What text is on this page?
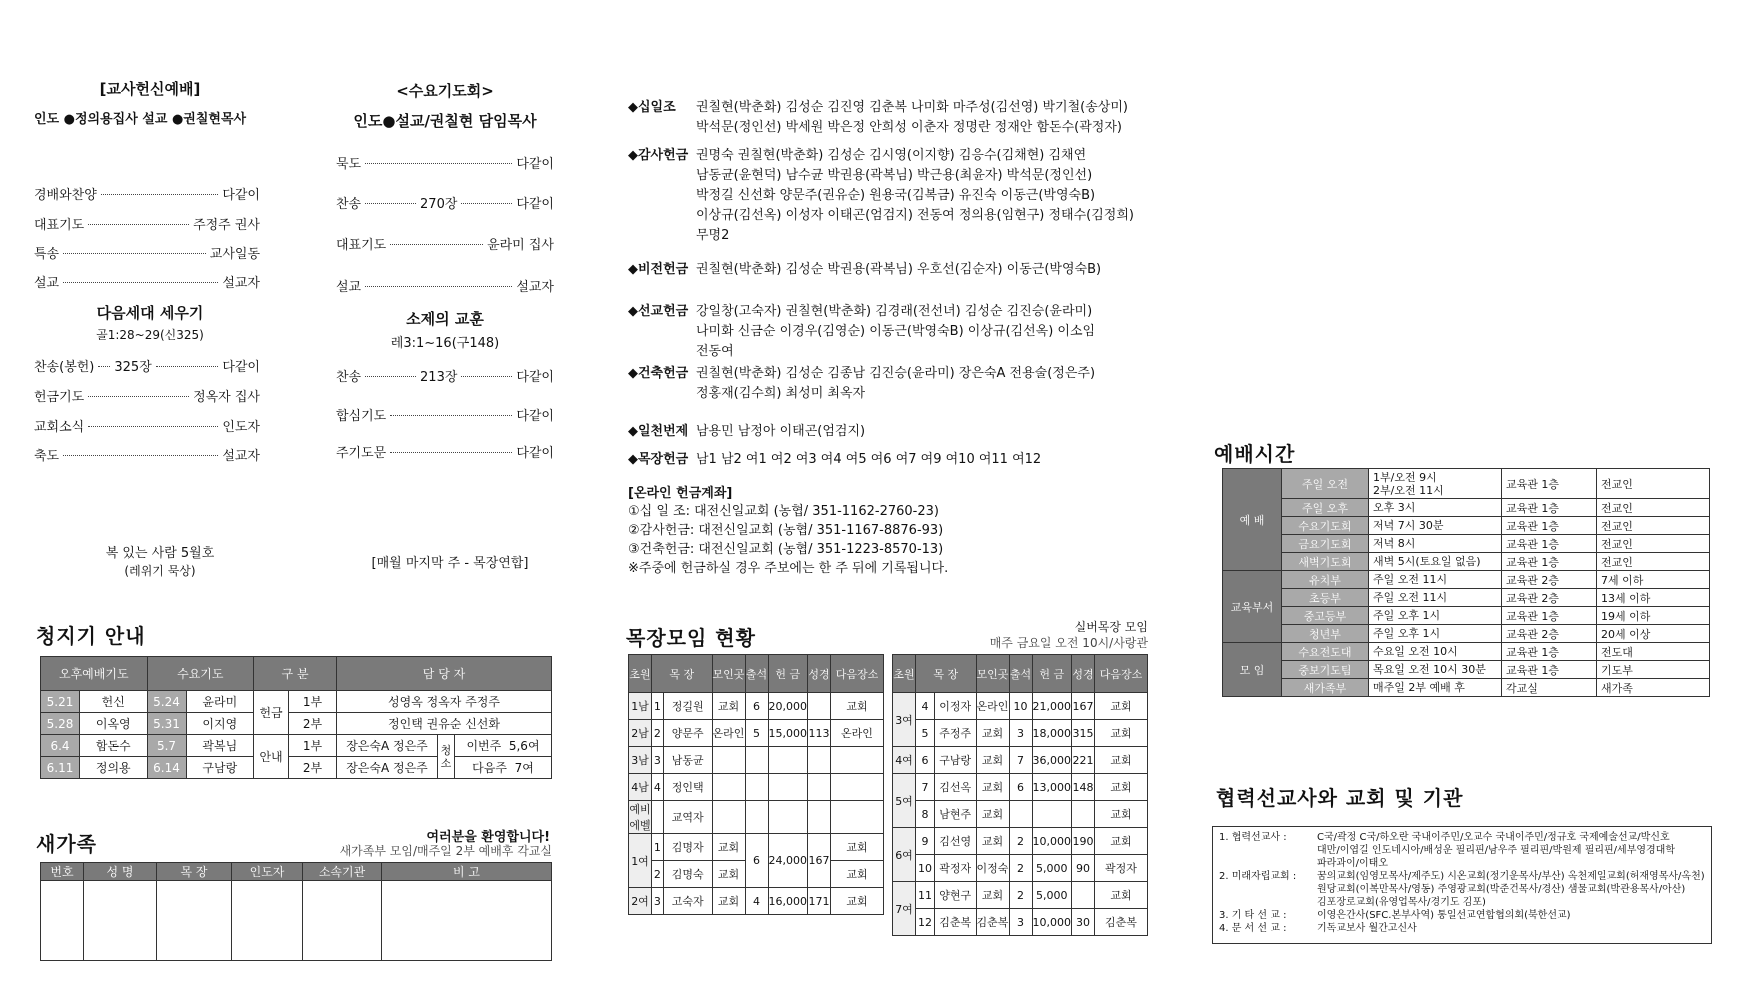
[교사헌신예배]
인도 ●정의용집사 설교 ●권칠현목사
경배와찬양	다같이
대표기도	주정주 권사
특송	교사일동
설교	설교자
다음세대 세우기
골1:28~29(신325)
찬송(봉헌) 325장	다같이
헌금기도	정옥자 집사
교회소식	인도자
축도	설교자
복 있는 사람 5월호
(레위기 묵상)
<수요기도회>
인도●설교/권칠현 담임목사
묵도	다같이
찬송	270장	다같이
대표기도	윤라미 집사
설교	설교자
소제의 교훈
레3:1~16(구148)
찬송	213장	다같이
합심기도	다같이
주기도문	다같이
[매월 마지막 주 - 목장연합]
◆십일조	권칠현(박춘화) 김성순 김진영 김춘복 나미화 마주성(김선영) 박기철(송상미)
박석문(정인선) 박세원 박은정 안희성 이춘자 정명란 정재안 함돈수(곽정자)
◆감사헌금 권명숙 권칠현(박춘화) 김성순 김시영(이지향) 김응수(김채현) 김채연
남동균(윤현덕) 남수균 박권용(곽복님) 박근용(최윤자) 박석문(정인선)
박정길 신선화 양문주(권유순) 원용국(김복금) 유진숙 이동근(박영숙B)
이상규(김선옥) 이성자 이태곤(엄검지) 전동여 정의용(임현구) 정태수(김정희)
무명2
◆비전헌금 권칠현(박춘화) 김성순 박권용(곽복님) 우호선(김순자) 이동근(박영숙B)
◆선교헌금 강일창(고숙자) 권칠현(박춘화) 김경래(전선녀) 김성순 김진승(윤라미)
나미화 신금순 이경우(김영순) 이동근(박영숙B) 이상규(김선옥) 이소임
전동여
◆건축헌금 권칠현(박춘화) 김성순 김종남 김진승(윤라미) 장은숙A 전용술(정은주)
정홍재(김수희) 최성미 최옥자
◆일천번제 남용민 남정아 이태곤(엄검지)
◆목장헌금 남1 남2 여1 여2 여3 여4 여5 여6 여7 여9 여10 여11 여12
[온라인 헌금계좌]
①십 일 조: 대전신일교회 (농협/ 351-1162-2760-23)
②감사헌금: 대전신일교회 (농협/ 351-1167-8876-93)
③건축헌금: 대전신일교회 (농협/ 351-1223-8570-13)
※주중에 헌금하실 경우 주보에는 한 주 뒤에 기록됩니다.
청지기 안내
오후예배기도		수요기도		구 분		담 당 자		
5.21	헌신	5.24	윤라미	헌금	1부	성영옥 정옥자 주정주		
5.28	이옥영	5.31	이지영		2부	정인택 권유순 신선화		
6.4	함돈수	5.7	곽복님	안내	1부	장은숙A 정은주	청소	이번주 5,6여
6.11	정의용	6.14	구남랑		2부	장은숙A 정은주		다음주 7여
새가족	여러분을 환영합니다!
새가족부 모임/매주일 2부 예배후 각교실
번호	성 명	목 장	인도자	소속기관	비 고

목장모임 현황	실버목장 모임
매주 금요일 오전 10시/사랑관
초원	목 장		모인곳	출석	헌 금	성경	다음장소
1남	1	정길원	교회	6	20,000		교회
2남	2	양문주	온라인	5	15,000	113	온라인
3남	3	남동균					
4남	4	정인택					
예비에벨		교역자					
1여	1	김명자	교회	6	24,000	167	교회
	2	김명숙	교회				교회
2여	3	고숙자	교회	4	16,000	171	교회
초원	목 장		모인곳	출석	헌 금	성경	다음장소
3여	4	이정자	온라인	10	21,000	167	교회
	5	주정주	교회	3	18,000	315	교회
4여	6	구남랑	교회	7	36,000	221	교회
5여	7	김선옥	교회	6	13,000	148	교회
	8	남현주	교회				교회
6여	9	김선영	교회	2	10,000	190	교회
	10	곽정자	이정숙	2	5,000	90	곽정자
7여	11	양현구	교회	2	5,000		교회
	12	김춘복	김춘복	3	10,000	30	김춘복
예배시간
예 배	주일 오전	1부/오전 9시
2부/오전 11시	교육관 1층	전교인
	주일 오후	오후 3시	교육관 1층	전교인
	수요기도회	저녁 7시 30분	교육관 1층	전교인
	금요기도회	저녁 8시	교육관 1층	전교인
	새벽기도회	새벽 5시(토요일 없음)	교육관 1층	전교인
교육부서	유치부	주일 오전 11시	교육관 2층	7세 이하
	초등부	주일 오전 11시	교육관 2층	13세 이하
	중고등부	주일 오후 1시	교육관 1층	19세 이하
	청년부	주일 오후 1시	교육관 2층	20세 이상
모 임	수요전도대	수요일 오전 10시	교육관 1층	전도대
	중보기도팀	목요일 오전 10시 30분	교육관 1층	기도부
	새가족부	매주일 2부 예배 후	각교실	새가족
협력선교사와 교회 및 기관
1. 협력선교사 :	C국/곽정 C국/하오란 국내이주민/오교수 국내이주민/정규호 국제예술선교/박신호
대만/이엽길 인도네시아/배성운 필리핀/남우주 필리핀/박원제 필리핀/세부영경대학
파라과이/이태오
2. 미래자립교회 :	꿈의교회(임영모목사/제주도) 시온교회(정기운목사/부산) 옥천제일교회(허재영목사/옥천)
원당교회(이복만목사/영동) 주영광교회(박준건목사/경산) 샘물교회(박관용목사/아산)
김포장로교회(유영업목사/경기도 김포)
3. 기 타 선 교 :	이영은간사(SFC.본부사역) 통일선교연합협의회(북한선교)
4. 문 서 선 교 :	기독교보사 월간고신사
